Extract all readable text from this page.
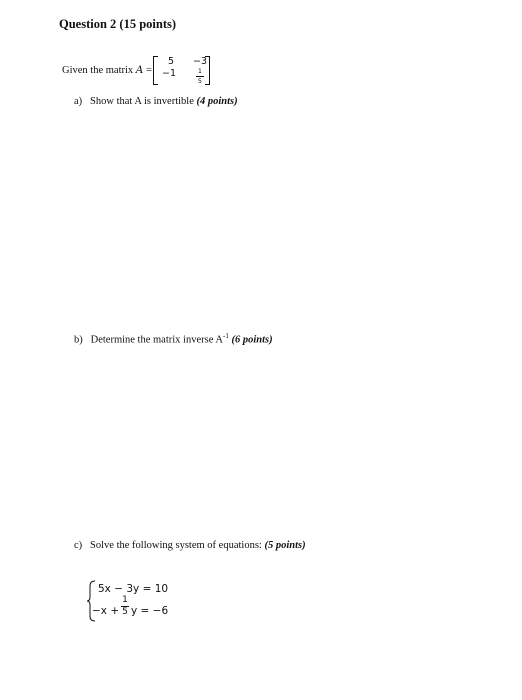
Question 2 (15 points)
Given the matrix A =
5	−3
−1	1
5
a) Show that A is invertible (4 points)
b) Determine the matrix inverse $A^{-1}$ (6 points)
c) Solve the following system of equations: (5 points)
5x − 3y = 10
−x +
1
5 y = −6
